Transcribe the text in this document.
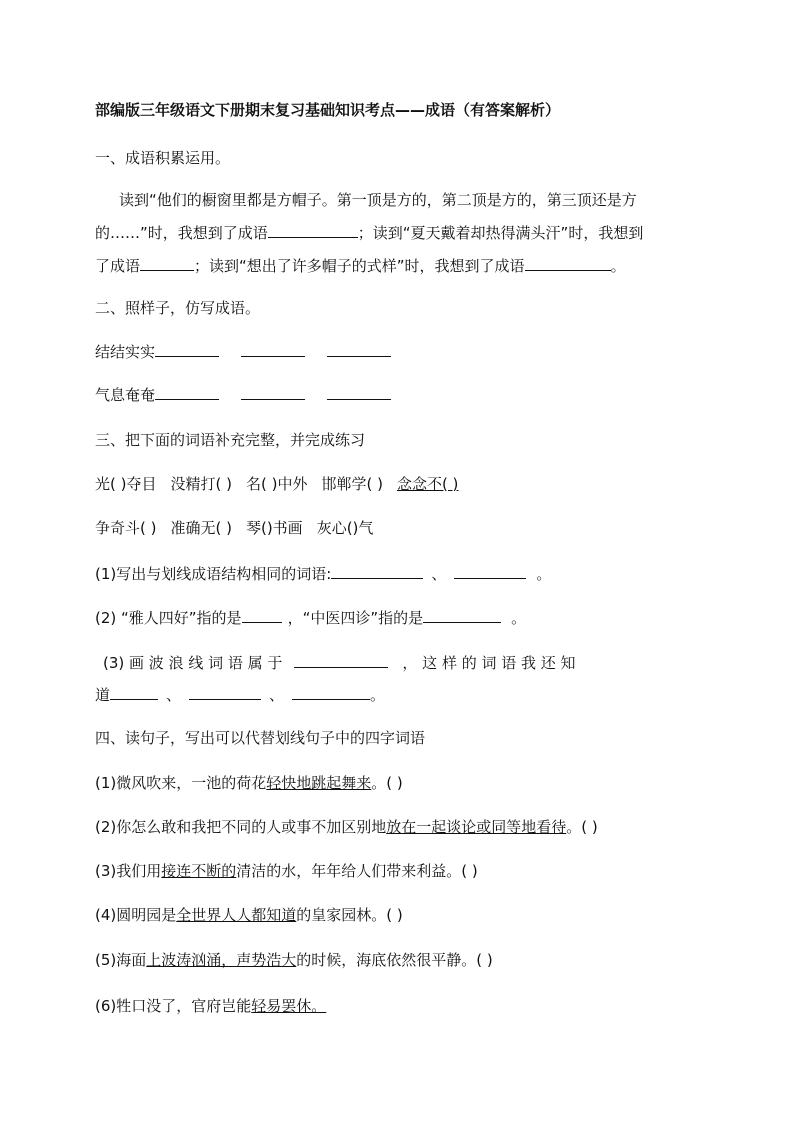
部编版三年级语文下册期末复习基础知识考点——成语（有答案解析）
一、成语积累运用。
读到“他们的橱窗里都是方帽子。第一顶是方的，第二顶是方的，第三顶还是方
的……”时，我想到了成语	；读到“夏天戴着却热得满头汗”时，我想到
了成语	；读到“想出了许多帽子的式样”时，我想到了成语	。
二、照样子，仿写成语。
结结实实
气息奄奄
三、把下面的词语补充完整，并完成练习
光( )夺目 没精打( ) 名( )中外 邯郸学( ) 念念不( )
争奇斗( ) 准确无( ) 琴()书画 灰心()气
(1)写出与划线成语结构相同的词语:	、	。
(2) “雅人四好”指的是	，“中医四诊”指的是	。
(3) 画 波 浪 线 词 语 属 于	， 这 样 的 词 语 我 还 知
道	、	、	。
四、读句子，写出可以代替划线句子中的四字词语
(1)微风吹来，一池的荷花轻快地跳起舞来。( )
(2)你怎么敢和我把不同的人或事不加区别地放在一起谈论或同等地看待。( )
(3)我们用接连不断的清洁的水，年年给人们带来利益。( )
(4)圆明园是全世界人人都知道的皇家园林。( )
(5)海面上波涛汹涌，声势浩大的时候，海底依然很平静。( )
(6)牲口没了，官府岂能轻易罢休。
